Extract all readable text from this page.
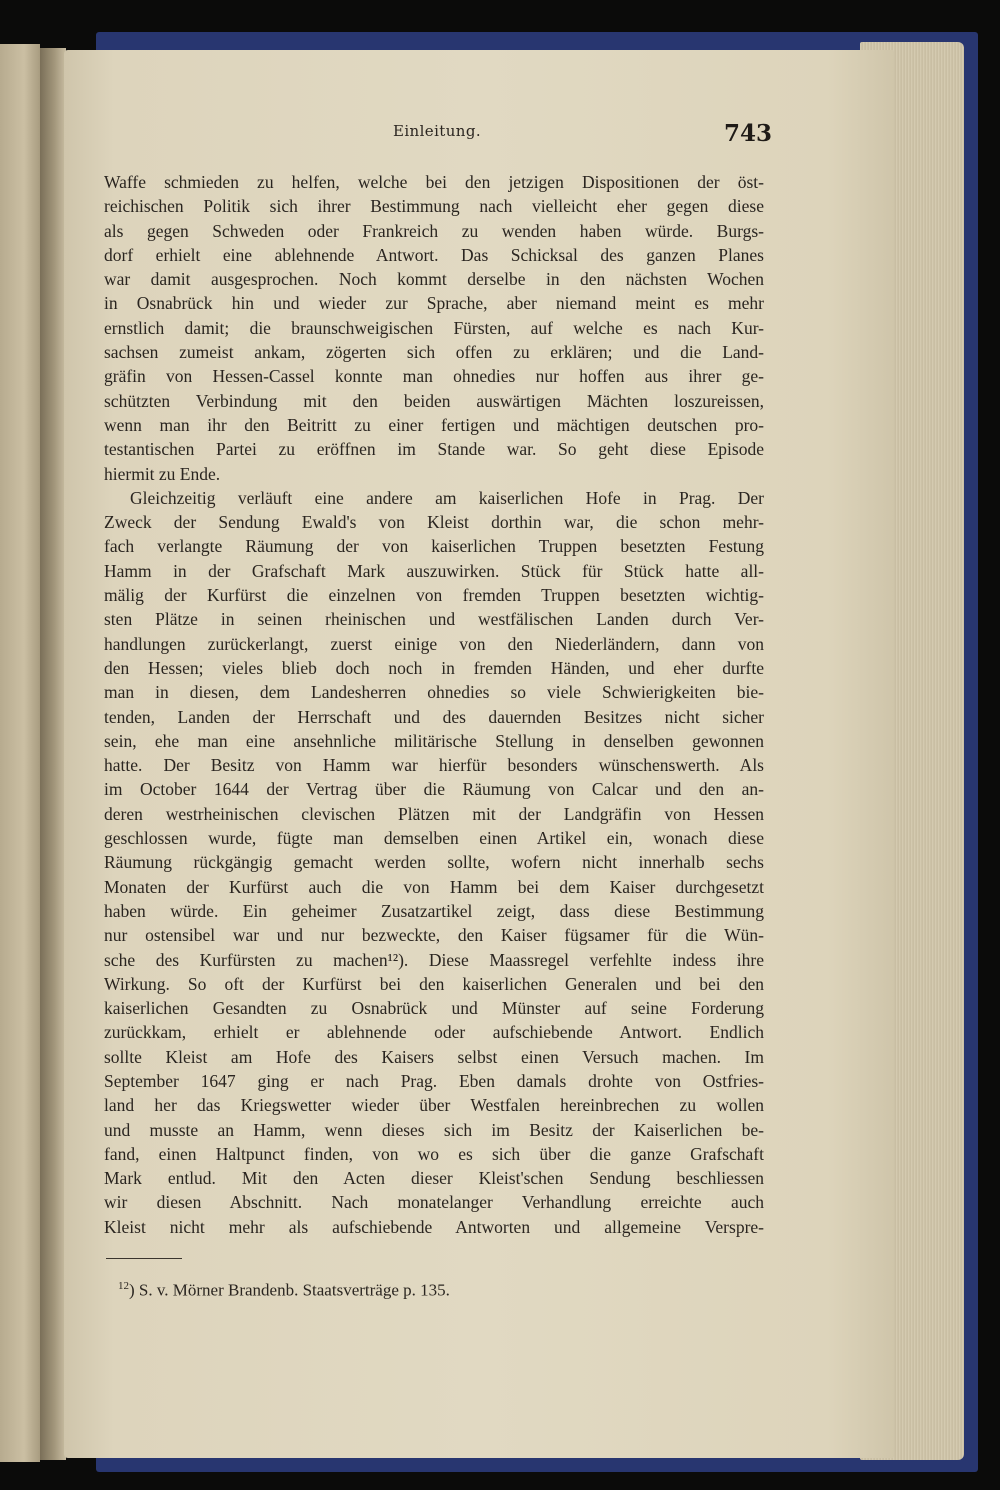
Einleitung.	743
Waffe schmieden zu helfen, welche bei den jetzigen Dispositionen der öst-
reichischen Politik sich ihrer Bestimmung nach vielleicht eher gegen diese
als gegen Schweden oder Frankreich zu wenden haben würde. Burgs-
dorf erhielt eine ablehnende Antwort. Das Schicksal des ganzen Planes
war damit ausgesprochen. Noch kommt derselbe in den nächsten Wochen
in Osnabrück hin und wieder zur Sprache, aber niemand meint es mehr
ernstlich damit; die braunschweigischen Fürsten, auf welche es nach Kur-
sachsen zumeist ankam, zögerten sich offen zu erklären; und die Land-
gräfin von Hessen-Cassel konnte man ohnedies nur hoffen aus ihrer ge-
schützten Verbindung mit den beiden auswärtigen Mächten loszureissen,
wenn man ihr den Beitritt zu einer fertigen und mächtigen deutschen pro-
testantischen Partei zu eröffnen im Stande war. So geht diese Episode
hiermit zu Ende.
Gleichzeitig verläuft eine andere am kaiserlichen Hofe in Prag. Der
Zweck der Sendung Ewald's von Kleist dorthin war, die schon mehr-
fach verlangte Räumung der von kaiserlichen Truppen besetzten Festung
Hamm in der Grafschaft Mark auszuwirken. Stück für Stück hatte all-
mälig der Kurfürst die einzelnen von fremden Truppen besetzten wichtig-
sten Plätze in seinen rheinischen und westfälischen Landen durch Ver-
handlungen zurückerlangt, zuerst einige von den Niederländern, dann von
den Hessen; vieles blieb doch noch in fremden Händen, und eher durfte
man in diesen, dem Landesherren ohnedies so viele Schwierigkeiten bie-
tenden, Landen der Herrschaft und des dauernden Besitzes nicht sicher
sein, ehe man eine ansehnliche militärische Stellung in denselben gewonnen
hatte. Der Besitz von Hamm war hierfür besonders wünschenswerth. Als
im October 1644 der Vertrag über die Räumung von Calcar und den an-
deren westrheinischen clevischen Plätzen mit der Landgräfin von Hessen
geschlossen wurde, fügte man demselben einen Artikel ein, wonach diese
Räumung rückgängig gemacht werden sollte, wofern nicht innerhalb sechs
Monaten der Kurfürst auch die von Hamm bei dem Kaiser durchgesetzt
haben würde. Ein geheimer Zusatzartikel zeigt, dass diese Bestimmung
nur ostensibel war und nur bezweckte, den Kaiser fügsamer für die Wün-
sche des Kurfürsten zu machen¹²). Diese Maassregel verfehlte indess ihre
Wirkung. So oft der Kurfürst bei den kaiserlichen Generalen und bei den
kaiserlichen Gesandten zu Osnabrück und Münster auf seine Forderung
zurückkam, erhielt er ablehnende oder aufschiebende Antwort. Endlich
sollte Kleist am Hofe des Kaisers selbst einen Versuch machen. Im
September 1647 ging er nach Prag. Eben damals drohte von Ostfries-
land her das Kriegswetter wieder über Westfalen hereinbrechen zu wollen
und musste an Hamm, wenn dieses sich im Besitz der Kaiserlichen be-
fand, einen Haltpunct finden, von wo es sich über die ganze Grafschaft
Mark entlud. Mit den Acten dieser Kleist'schen Sendung beschliessen
wir diesen Abschnitt. Nach monatelanger Verhandlung erreichte auch
Kleist nicht mehr als aufschiebende Antworten und allgemeine Verspre-
$^{12}$) S. v. Mörner Brandenb. Staatsverträge p. 135.
